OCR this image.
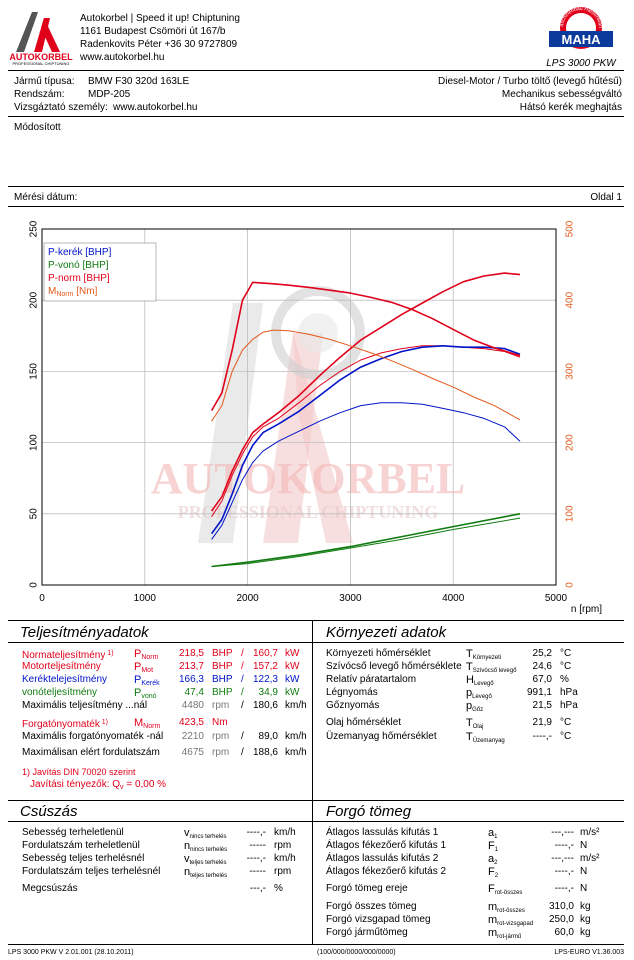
AUTOKORBEL
PROFESSIONAL CHIPTUNING
Autokorbel | Speed it up! Chiptuning
1161 Budapest Csömöri út 167/b
Radenkovits Péter +36 30 9727809
www.autokorbel.hu
aschinenbau Haldenwan
MAHA
LPS 3000 PKW
Jármű típusa: BMW F30 320d 163LE
Rendszám: MDP-205
Vizsgáztató személy: www.autokorbel.hu
Diesel-Motor / Turbo töltő (levegő hűtésű)
Mechanikus sebességváltó
Hátsó kerék meghajtás
Módosított
Mérési dátum:	Oldal 1
AUTOKORBEL
PROFESSIONAL CHIPTUNING
0	1000	2000	3000	4000	5000
0
50
100
150
200
250
0
100
200
300
400
500
n [rpm]
P-kerék [BHP]
P-vonó [BHP]
P-norm [BHP]
$M_{Norm}$ [Nm]
Teljesítményadatok	Környezeti adatok
1) Javítás DIN 70020 szerint
Javítási tényezők: $Q_v = 0,00$ %
Csúszás	Forgó tömeg
LPS 3000 PKW V 2.01.001 (28.10.2011)	(100/000/0000/000/0000)	LPS-EURO V1.36.003
Normateljesítmény $^{1)}$ $P_{Norm}$	218,5 BHP / 160,7 kW
Motorteljesítmény	$P_{Mot}$	213,7 BHP / 157,2 kW
Keréktelejesítmény $P_{Kerék}$	166,3 BHP / 122,3 kW
vonóteljesítmény	$P_{vonó}$	47,4 BHP /	34,9 kW
Maximális teljesítmény ...nál	4480 rpm / 180,6 km/h
Forgatónyomaték $^{1)}$ $M_{Norm}$	423,5 Nm
Maximális forgatónyomaték -nál	2210 rpm /	89,0 km/h
Maximálisan elért fordulatszám	4675 rpm / 188,6 km/h
Környezeti hőmérséklet	$T_{Környezeti}$	25,2 °C
Szívócső levegő hőmérséklete $T_{Szívócső levegő}$	24,6 °C
Relatív páratartalom	$H_{Levegő}$	67,0 %
Légnyomás	$p_{Levegő}$	991,1 hPa
Gőznyomás	$p_{Gőz}$	21,5 hPa
Olaj hőmérséklet	$T_{Olaj}$	21,9 °C
Üzemanyag hőmérséklet	$T_{Üzemanyag}$	----,- °C
Sebesség terheletlenül	$v_{nincs terhelés}$	----,- km/h
Fordulatszám terheletlenül	$n_{nincs terhelés}$	----- rpm
Sebesség teljes terhelésnél	$v_{teljes terhelés}$	----,- km/h
Fordulatszám teljes terhelésnél $n_{teljes terhelés}$	----- rpm
Megcsúszás	---,- %
Átlagos lassulás kifutás 1	$a_1$	---,--- m/s²
Átlagos fékezőerő kifutás 1	$F_1$	----,- N
Átlagos lassulás kifutás 2	$a_2$	---,--- m/s²
Átlagos fékezőerő kifutás 2	$F_2$	----,- N
Forgó tömeg ereje	$F_{rot-összes}$	----,- N
Forgó összes tömeg	$m_{rot-összes}$	310,0 kg
Forgó vizsgapad tömeg	$m_{rot-vizsgapad}$	250,0 kg
Forgó járműtömeg	$m_{rot-jármű}$	60,0 kg
